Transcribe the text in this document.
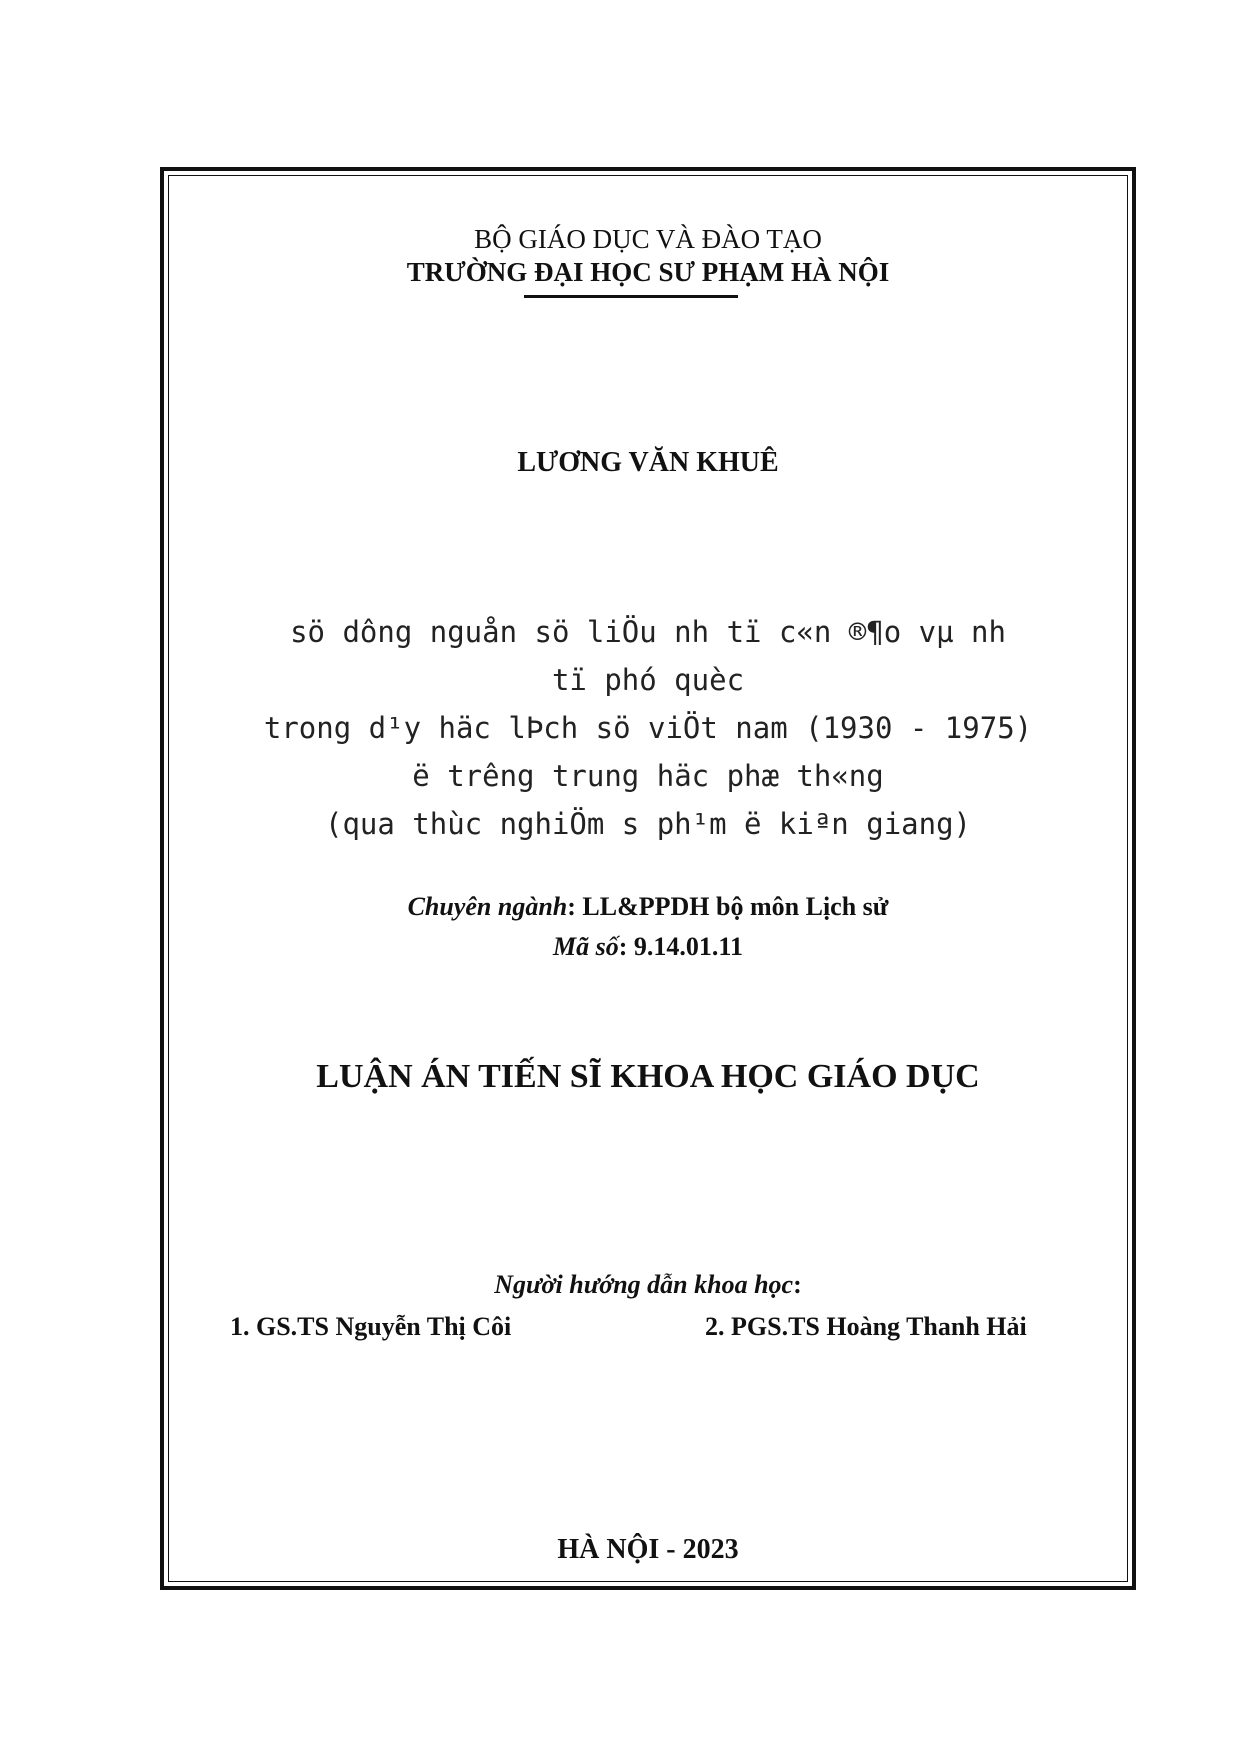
BỘ GIÁO DỤC VÀ ĐÀO TẠO
TRƯỜNG ĐẠI HỌC SƯ PHẠM HÀ NỘI
LƯƠNG VĂN KHUÊ
sö dông nguån sö liÖu nh tï c«n ®¶o vµ nh
tï phó quèc
trong d¹y häc lÞch sö viÖt nam (1930 - 1975)
ë trêng trung häc phæ th«ng
(qua thùc nghiÖm s ph¹m ë kiªn giang)
Chuyên ngành: LL&PPDH bộ môn Lịch sử
Mã số: 9.14.01.11
LUẬN ÁN TIẾN SĨ KHOA HỌC GIÁO DỤC
Người hướng dẫn khoa học:
1. GS.TS Nguyễn Thị Côi	2. PGS.TS Hoàng Thanh Hải
HÀ NỘI - 2023
